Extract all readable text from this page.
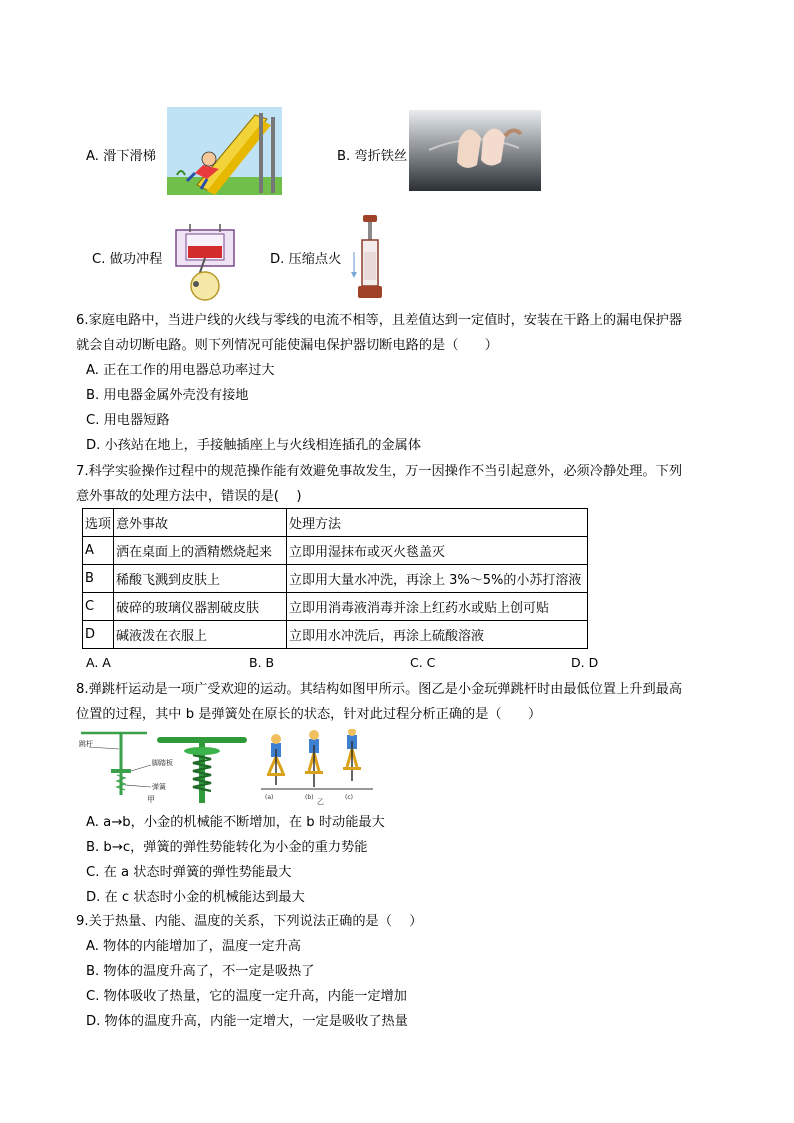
A. 滑下滑梯	B. 弯折铁丝
C. 做功冲程	D. 压缩点火
6.家庭电路中，当进户线的火线与零线的电流不相等，且差值达到一定值时，安装在干路上的漏电保护器
就会自动切断电路。则下列情况可能使漏电保护器切断电路的是（　　）
A. 正在工作的用电器总功率过大
B. 用电器金属外壳没有接地
C. 用电器短路
D. 小孩站在地上，手接触插座上与火线相连插孔的金属体
7.科学实验操作过程中的规范操作能有效避免事故发生，万一因操作不当引起意外，必须冷静处理。下列
意外事故的处理方法中，错误的是(　 )
选项	意外事故	处理方法
A	洒在桌面上的酒精燃烧起来	立即用湿抹布或灭火毯盖灭
B	稀酸飞溅到皮肤上	立即用大量水冲洗，再涂上 3%～5%的小苏打溶液
C	破碎的玻璃仪器割破皮肤	立即用消毒液消毒并涂上红药水或贴上创可贴
D	碱液泼在衣服上	立即用水冲洗后，再涂上硫酸溶液
A. A	B. B	C. C	D. D
8.弹跳杆运动是一项广受欢迎的运动。其结构如图甲所示。图乙是小金玩弹跳杆时由最低位置上升到最高
位置的过程，其中 b 是弹簧处在原长的状态，针对此过程分析正确的是（　　）
跳杆
脚踏板
弹簧
甲	(a)	(b)	(c)
乙
A. a→b，小金的机械能不断增加，在 b 时动能最大
B. b→c，弹簧的弹性势能转化为小金的重力势能
C. 在 a 状态时弹簧的弹性势能最大
D. 在 c 状态时小金的机械能达到最大
9.关于热量、内能、温度的关系，下列说法正确的是（　 ）
A. 物体的内能增加了，温度一定升高
B. 物体的温度升高了，不一定是吸热了
C. 物体吸收了热量，它的温度一定升高，内能一定增加
D. 物体的温度升高，内能一定增大，一定是吸收了热量
